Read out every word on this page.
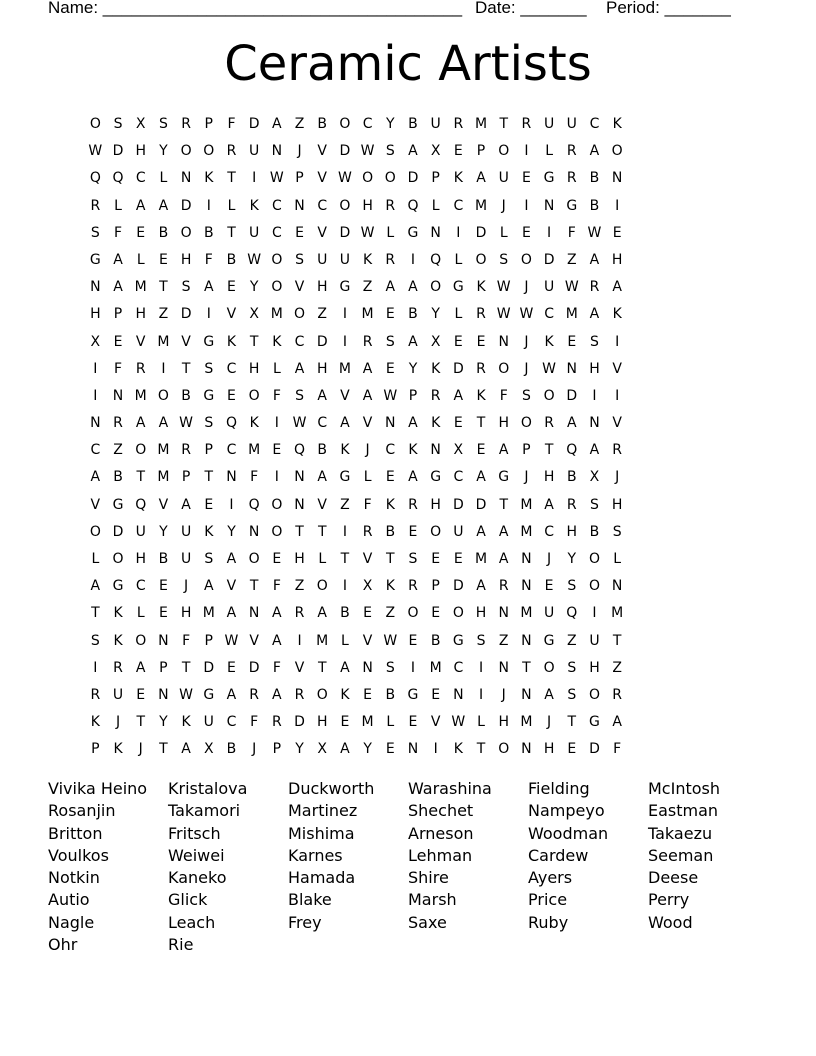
Name: ______________________________________ Date: _______ Period: _______
Ceramic Artists
O S X S R P	F D A Z B O C Y B U R M T R U U C K
W D H Y O O R U N	J	V D W S A X E	P O	I	L R A O
Q Q C L N K T	I W P V W O O D P K A U E G R B N
R L A A D	I	L	K C N C O H R Q L C M	J	I	N G B	I
S	F	E B O B T U C E V D W L G N	I	D L	E	I	F W E
G A	L	E H F B W O S U U K R	I	Q L O S O D Z A H
N A M T S A E Y O V H G Z A A O G K W J	U W R A
H P H Z D	I	V X M O Z	I	M E B Y	L R W W C M A K
X E V M V G K T K C D	I	R S A X E E N	J	K E S	I
I	F R	I	T S C H L A H M A E Y K D R O	J W N H V
I	N M O B G E O F	S A V A W P R A K	F	S O D	I	I
N R A A W S Q K	I W C A V N A K E T H O R A N V
C Z O M R P C M E Q B K	J	C K N X E A P	T Q A R
A B T M P	T N F	I	N A G L	E A G C A G	J	H B X	J
V G Q V A E	I	Q O N V Z F	K R H D D T M A R S H
O D U Y U K Y N O T	T	I	R B E O U A A M C H B S
L O H B U S A O E H L	T V T S E E M A N	J	Y O L
A G C E	J	A V T	F Z O	I	X K R P D A R N E S O N
T K	L	E H M A N A R A B E Z O E O H N M U Q	I	M
S K O N F	P W V A	I	M L V W E B G S Z N G Z U T
I	R A P	T D E D F V T A N S	I	M C	I	N T O S H Z
R U E N W G A R A R O K E B G E N	I	J	N A S O R
K	J	T	Y K U C F R D H E M L	E V W L H M	J	T G A
P K	J	T A X B	J	P	Y X A Y E N	I	K T O N H E D F
Vivika Heino	Kristalova	Duckworth	Warashina	Fielding	McIntosh
Rosanjin	Takamori	Martinez	Shechet	Nampeyo	Eastman
Britton	Fritsch	Mishima	Arneson	Woodman	Takaezu
Voulkos	Weiwei	Karnes	Lehman	Cardew	Seeman
Notkin	Kaneko	Hamada	Shire	Ayers	Deese
Autio	Glick	Blake	Marsh	Price	Perry
Nagle	Leach	Frey	Saxe	Ruby	Wood
Ohr	Rie
